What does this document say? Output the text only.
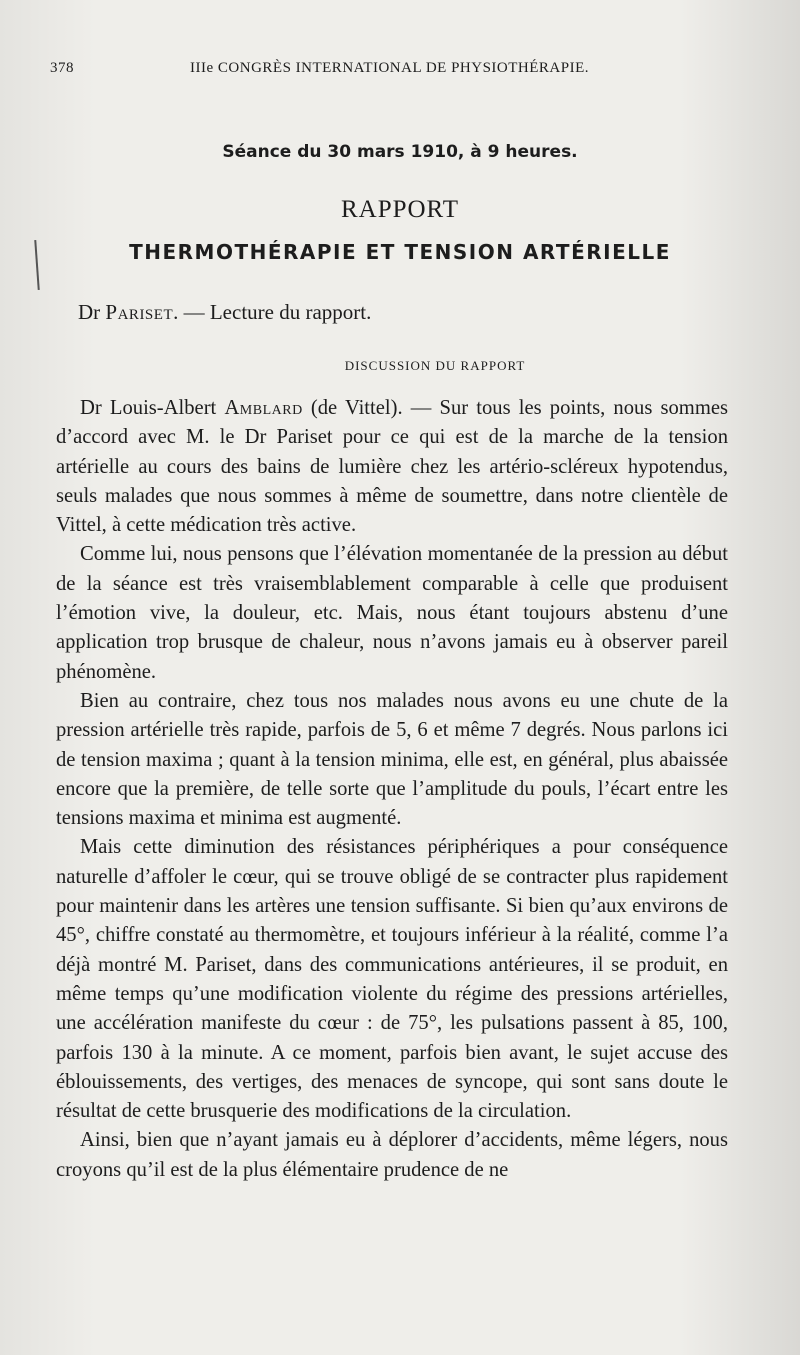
378	IIIe CONGRÈS INTERNATIONAL DE PHYSIOTHÉRAPIE.
Séance du 30 mars 1910, à 9 heures.
RAPPORT
THERMOTHÉRAPIE ET TENSION ARTÉRIELLE
Dr Pariset. — Lecture du rapport.
DISCUSSION DU RAPPORT

Dr Louis-Albert Amblard (de Vittel). — Sur tous les points, nous sommes d’accord avec M. le Dr Pariset pour ce qui est de la marche de la tension artérielle au cours des bains de lumière chez les artério-scléreux hypotendus, seuls malades que nous sommes à même de soumettre, dans notre clientèle de Vittel, à cette médication très active.

Comme lui, nous pensons que l’élévation momentanée de la pression au début de la séance est très vraisemblablement comparable à celle que produisent l’émotion vive, la douleur, etc. Mais, nous étant toujours abstenu d’une application trop brusque de chaleur, nous n’avons jamais eu à observer pareil phénomène.

Bien au contraire, chez tous nos malades nous avons eu une chute de la pression artérielle très rapide, parfois de 5, 6 et même 7 degrés. Nous parlons ici de tension maxima ; quant à la tension minima, elle est, en général, plus abaissée encore que la première, de telle sorte que l’amplitude du pouls, l’écart entre les tensions maxima et minima est augmenté.

Mais cette diminution des résistances périphériques a pour conséquence naturelle d’affoler le cœur, qui se trouve obligé de se contracter plus rapidement pour maintenir dans les artères une tension suffisante. Si bien qu’aux environs de 45°, chiffre constaté au thermomètre, et toujours inférieur à la réalité, comme l’a déjà montré M. Pariset, dans des communications antérieures, il se produit, en même temps qu’une modification violente du régime des pressions artérielles, une accélération manifeste du cœur : de 75°, les pulsations passent à 85, 100, parfois 130 à la minute. A ce moment, parfois bien avant, le sujet accuse des éblouissements, des vertiges, des menaces de syncope, qui sont sans doute le résultat de cette brusquerie des modifications de la circulation.

Ainsi, bien que n’ayant jamais eu à déplorer d’accidents, même légers, nous croyons qu’il est de la plus élémentaire prudence de ne
